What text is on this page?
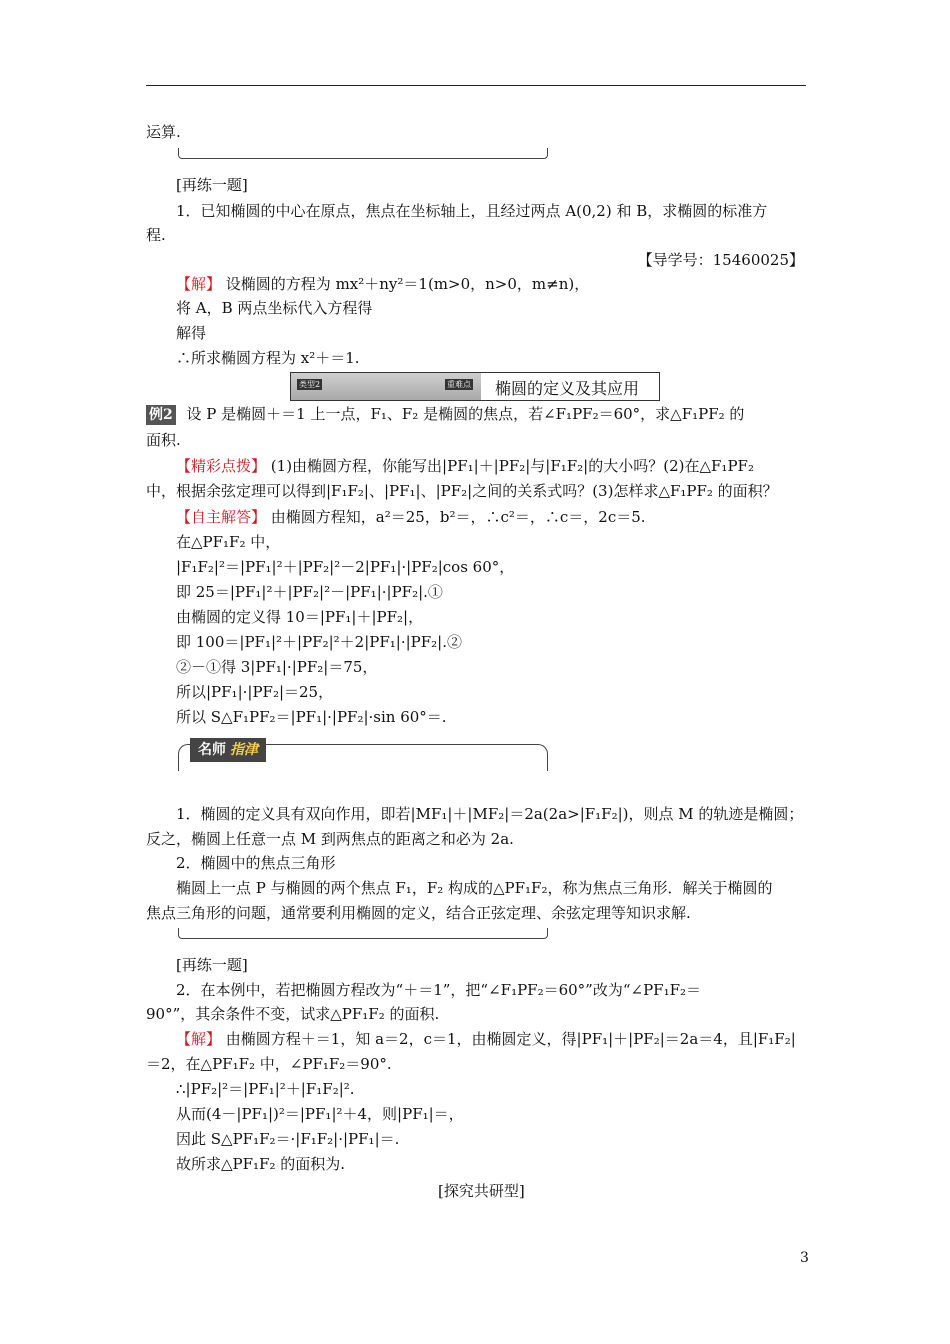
运算.
[再练一题]
1．已知椭圆的中心在原点，焦点在坐标轴上，且经过两点 A(0,2) 和 B，求椭圆的标准方
程.
【导学号：15460025】
【解】 设椭圆的方程为 mx²＋ny²＝1(m>0，n>0，m≠n)，
将 A，B 两点坐标代入方程得
解得
∴所求椭圆方程为 x²＋＝1.
类型2	重难点 椭圆的定义及其应用
例2 设 P 是椭圆＋＝1 上一点，F₁、F₂ 是椭圆的焦点，若∠F₁PF₂＝60°，求△F₁PF₂ 的
面积.
【精彩点拨】 (1)由椭圆方程，你能写出|PF₁|＋|PF₂|与|F₁F₂|的大小吗？(2)在△F₁PF₂
中，根据余弦定理可以得到|F₁F₂|、|PF₁|、|PF₂|之间的关系式吗？(3)怎样求△F₁PF₂ 的面积？
【自主解答】 由椭圆方程知，a²＝25，b²＝，∴c²＝，∴c＝，2c＝5.
在△PF₁F₂ 中，
|F₁F₂|²＝|PF₁|²＋|PF₂|²－2|PF₁|·|PF₂|cos 60°，
即 25＝|PF₁|²＋|PF₂|²－|PF₁|·|PF₂|.①
由椭圆的定义得 10＝|PF₁|＋|PF₂|，
即 100＝|PF₁|²＋|PF₂|²＋2|PF₁|·|PF₂|.②
②－①得 3|PF₁|·|PF₂|＝75，
所以|PF₁|·|PF₂|＝25，
所以 S△F₁PF₂＝|PF₁|·|PF₂|·sin 60°＝.
名师 指津
1．椭圆的定义具有双向作用，即若|MF₁|＋|MF₂|＝2a(2a>|F₁F₂|)，则点 M 的轨迹是椭圆；
反之，椭圆上任意一点 M 到两焦点的距离之和必为 2a.
2．椭圆中的焦点三角形
椭圆上一点 P 与椭圆的两个焦点 F₁，F₂ 构成的△PF₁F₂，称为焦点三角形．解关于椭圆的
焦点三角形的问题，通常要利用椭圆的定义，结合正弦定理、余弦定理等知识求解.
[再练一题]
2．在本例中，若把椭圆方程改为“＋＝1”，把“∠F₁PF₂＝60°”改为“∠PF₁F₂＝
90°”，其余条件不变，试求△PF₁F₂ 的面积.
【解】 由椭圆方程＋＝1，知 a＝2，c＝1，由椭圆定义，得|PF₁|＋|PF₂|＝2a＝4，且|F₁F₂|
＝2，在△PF₁F₂ 中，∠PF₁F₂＝90°.
∴|PF₂|²＝|PF₁|²＋|F₁F₂|².
从而(4－|PF₁|)²＝|PF₁|²＋4，则|PF₁|＝，
因此 S△PF₁F₂＝·|F₁F₂|·|PF₁|＝.
故所求△PF₁F₂ 的面积为.
[探究共研型]
3
